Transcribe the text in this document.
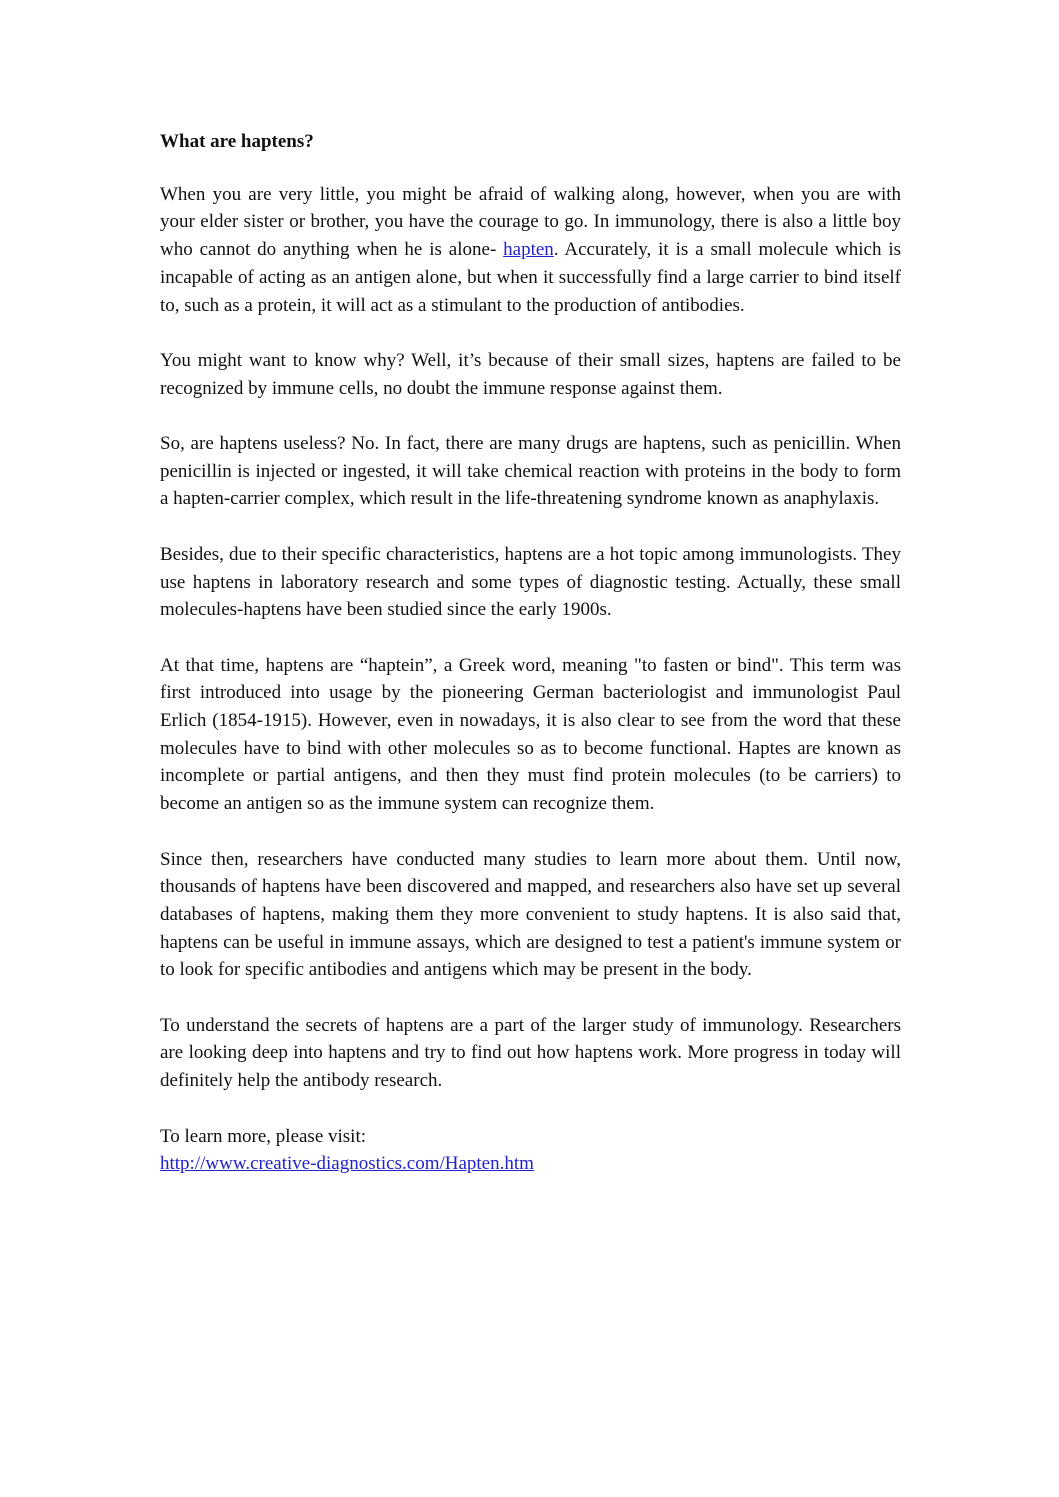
What are haptens?

When you are very little, you might be afraid of walking along, however, when you are with your elder sister or brother, you have the courage to go. In immunology, there is also a little boy who cannot do anything when he is alone- hapten. Accurately, it is a small molecule which is incapable of acting as an antigen alone, but when it successfully find a large carrier to bind itself to, such as a protein, it will act as a stimulant to the production of antibodies.

You might want to know why? Well, it’s because of their small sizes, haptens are failed to be recognized by immune cells, no doubt the immune response against them.

So, are haptens useless? No. In fact, there are many drugs are haptens, such as penicillin. When penicillin is injected or ingested, it will take chemical reaction with proteins in the body to form a hapten-carrier complex, which result in the life-threatening syndrome known as anaphylaxis.

Besides, due to their specific characteristics, haptens are a hot topic among immunologists. They use haptens in laboratory research and some types of diagnostic testing. Actually, these small molecules-haptens have been studied since the early 1900s.

At that time, haptens are “haptein”, a Greek word, meaning "to fasten or bind". This term was first introduced into usage by the pioneering German bacteriologist and immunologist Paul Erlich (1854-1915). However, even in nowadays, it is also clear to see from the word that these molecules have to bind with other molecules so as to become functional. Haptes are known as incomplete or partial antigens, and then they must find protein molecules (to be carriers) to become an antigen so as the immune system can recognize them.

Since then, researchers have conducted many studies to learn more about them. Until now, thousands of haptens have been discovered and mapped, and researchers also have set up several databases of haptens, making them they more convenient to study haptens. It is also said that, haptens can be useful in immune assays, which are designed to test a patient's immune system or to look for specific antibodies and antigens which may be present in the body.

To understand the secrets of haptens are a part of the larger study of immunology. Researchers are looking deep into haptens and try to find out how haptens work. More progress in today will definitely help the antibody research.

To learn more, please visit:
http://www.creative-diagnostics.com/Hapten.htm
